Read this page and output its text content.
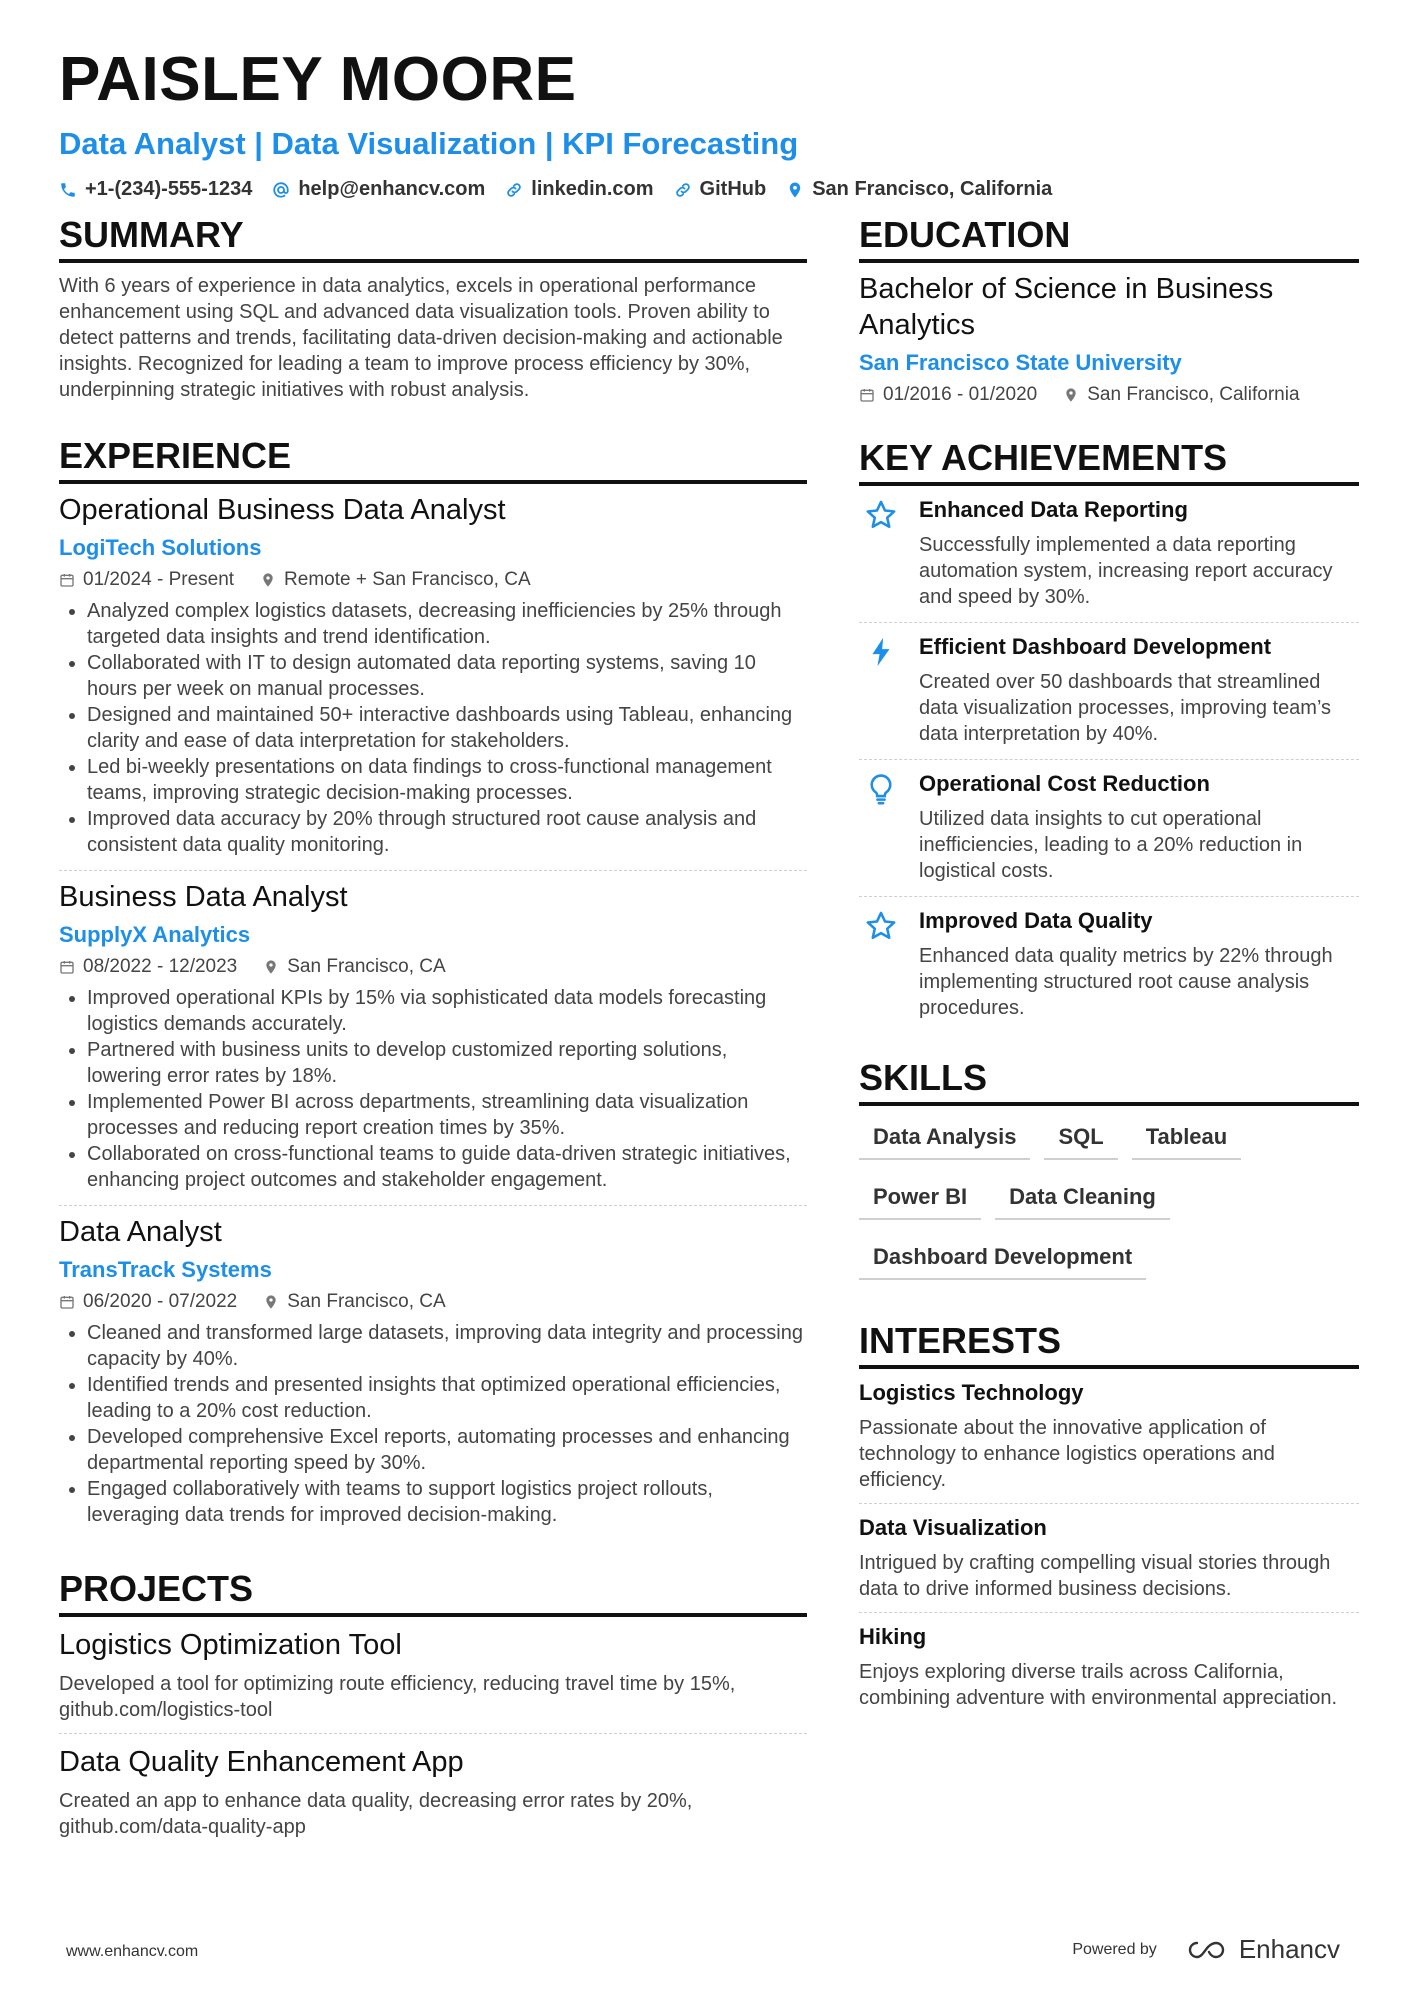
PAISLEY MOORE
Data Analyst | Data Visualization | KPI Forecasting
+1-(234)-555-1234 help@enhancv.com linkedin.com GitHub San Francisco, California
SUMMARY
With 6 years of experience in data analytics, excels in operational performance enhancement using SQL and advanced data visualization tools. Proven ability to detect patterns and trends, facilitating data-driven decision-making and actionable insights. Recognized for leading a team to improve process efficiency by 30%, underpinning strategic initiatives with robust analysis.
EXPERIENCE
Operational Business Data Analyst
LogiTech Solutions
01/2024 - Present	Remote + San Francisco, CA
• Analyzed complex logistics datasets, decreasing inefficiencies by 25% through targeted data insights and trend identification.
• Collaborated with IT to design automated data reporting systems, saving 10 hours per week on manual processes.
• Designed and maintained 50+ interactive dashboards using Tableau, enhancing clarity and ease of data interpretation for stakeholders.
• Led bi-weekly presentations on data findings to cross-functional management teams, improving strategic decision-making processes.
• Improved data accuracy by 20% through structured root cause analysis and consistent data quality monitoring.
Business Data Analyst
SupplyX Analytics
08/2022 - 12/2023	San Francisco, CA
• Improved operational KPIs by 15% via sophisticated data models forecasting logistics demands accurately.
• Partnered with business units to develop customized reporting solutions, lowering error rates by 18%.
• Implemented Power BI across departments, streamlining data visualization processes and reducing report creation times by 35%.
• Collaborated on cross-functional teams to guide data-driven strategic initiatives, enhancing project outcomes and stakeholder engagement.
Data Analyst
TransTrack Systems
06/2020 - 07/2022	San Francisco, CA
• Cleaned and transformed large datasets, improving data integrity and processing capacity by 40%.
• Identified trends and presented insights that optimized operational efficiencies, leading to a 20% cost reduction.
• Developed comprehensive Excel reports, automating processes and enhancing departmental reporting speed by 30%.
• Engaged collaboratively with teams to support logistics project rollouts, leveraging data trends for improved decision-making.
PROJECTS
Logistics Optimization Tool
Developed a tool for optimizing route efficiency, reducing travel time by 15%, github.com/logistics-tool
Data Quality Enhancement App
Created an app to enhance data quality, decreasing error rates by 20%, github.com/data-quality-app
EDUCATION
Bachelor of Science in Business Analytics
San Francisco State University
01/2016 - 01/2020	San Francisco, California
KEY ACHIEVEMENTS
Enhanced Data Reporting
Successfully implemented a data reporting automation system, increasing report accuracy and speed by 30%.
Efficient Dashboard Development
Created over 50 dashboards that streamlined data visualization processes, improving team’s data interpretation by 40%.
Operational Cost Reduction
Utilized data insights to cut operational inefficiencies, leading to a 20% reduction in logistical costs.
Improved Data Quality
Enhanced data quality metrics by 22% through implementing structured root cause analysis procedures.
SKILLS
Data Analysis	SQL	Tableau
Power BI	Data Cleaning
Dashboard Development
INTERESTS
Logistics Technology
Passionate about the innovative application of technology to enhance logistics operations and efficiency.
Data Visualization
Intrigued by crafting compelling visual stories through data to drive informed business decisions.
Hiking
Enjoys exploring diverse trails across California, combining adventure with environmental appreciation.
www.enhancv.com	Powered by	Enhancv
